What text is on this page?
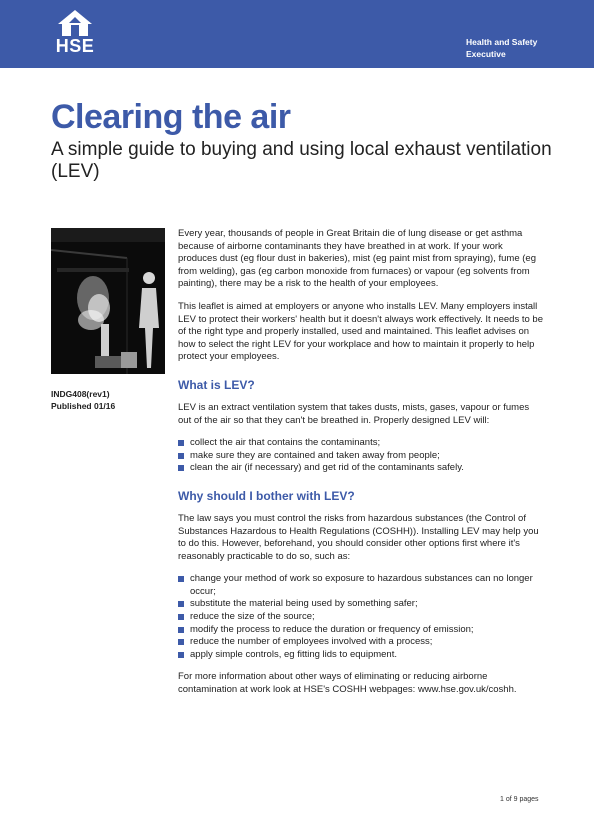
HSE	Health and Safety
Executive
Clearing the air
A simple guide to buying and using local exhaust ventilation (LEV)
INDG408(rev1)
Published 01/16

Every year, thousands of people in Great Britain die of lung disease or get asthma because of airborne contaminants they have breathed in at work. If your work produces dust (eg flour dust in bakeries), mist (eg paint mist from spraying), fume (eg from welding), gas (eg carbon monoxide from furnaces) or vapour (eg solvents from painting), there may be a risk to the health of your employees.

This leaflet is aimed at employers or anyone who installs LEV. Many employers install LEV to protect their workers' health but it doesn't always work effectively. It needs to be of the right type and properly installed, used and maintained. This leaflet advises on how to select the right LEV for your workplace and how to maintain it properly to help protect your employees.

What is LEV?

LEV is an extract ventilation system that takes dusts, mists, gases, vapour or fumes out of the air so that they can't be breathed in. Properly designed LEV will:

collect the air that contains the contaminants;
make sure they are contained and taken away from people;
clean the air (if necessary) and get rid of the contaminants safely.
Why should I bother with LEV?

The law says you must control the risks from hazardous substances (the Control of Substances Hazardous to Health Regulations (COSHH)). Installing LEV may help you to do this. However, beforehand, you should consider other options first where it's reasonably practicable to do so, such as:

change your method of work so exposure to hazardous substances can no longer occur;
substitute the material being used by something safer;
reduce the size of the source;
modify the process to reduce the duration or frequency of emission;
reduce the number of employees involved with a process;
apply simple controls, eg fitting lids to equipment.

For more information about other ways of eliminating or reducing airborne contamination at work look at HSE's COSHH webpages: www.hse.gov.uk/coshh.

1 of 9 pages
